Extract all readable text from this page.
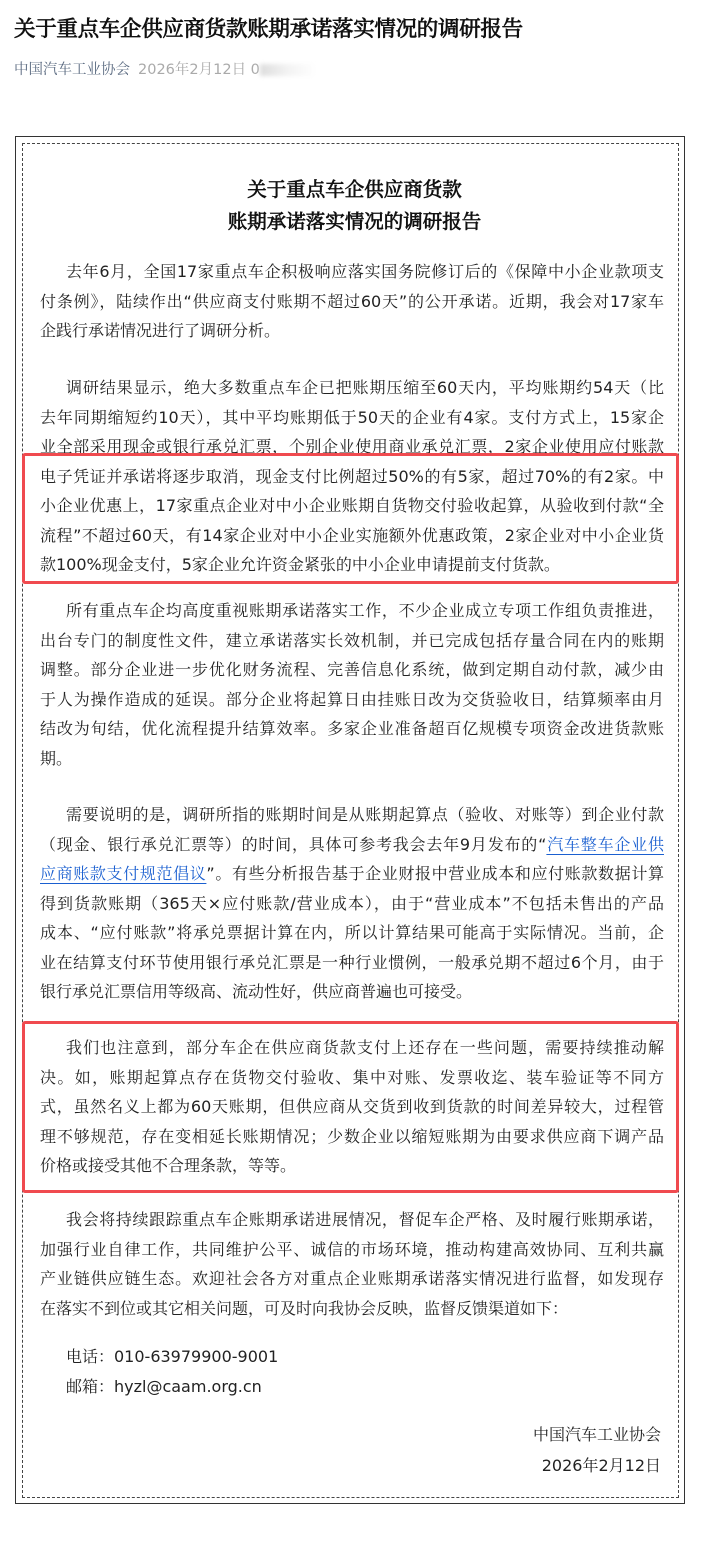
关于重点车企供应商货款账期承诺落实情况的调研报告
中国汽车工业协会 2026年2月12日 0
关于重点车企供应商货款
账期承诺落实情况的调研报告
去年6月，全国17家重点车企积极响应落实国务院修订后的《保障中小企业款项支
付条例》，陆续作出“供应商支付账期不超过60天”的公开承诺。近期，我会对17家车
企践行承诺情况进行了调研分析。
调研结果显示，绝大多数重点车企已把账期压缩至60天内，平均账期约54天（比
去年同期缩短约10天），其中平均账期低于50天的企业有4家。支付方式上，15家企
业全部采用现金或银行承兑汇票，个别企业使用商业承兑汇票，2家企业使用应付账款
电子凭证并承诺将逐步取消，现金支付比例超过50%的有5家，超过70%的有2家。中
小企业优惠上，17家重点企业对中小企业账期自货物交付验收起算，从验收到付款“全
流程”不超过60天，有14家企业对中小企业实施额外优惠政策，2家企业对中小企业货
款100%现金支付，5家企业允许资金紧张的中小企业申请提前支付货款。
所有重点车企均高度重视账期承诺落实工作，不少企业成立专项工作组负责推进，
出台专门的制度性文件，建立承诺落实长效机制，并已完成包括存量合同在内的账期
调整。部分企业进一步优化财务流程、完善信息化系统，做到定期自动付款，减少由
于人为操作造成的延误。部分企业将起算日由挂账日改为交货验收日，结算频率由月
结改为旬结，优化流程提升结算效率。多家企业准备超百亿规模专项资金改进货款账
期。
需要说明的是，调研所指的账期时间是从账期起算点（验收、对账等）到企业付款
（现金、银行承兑汇票等）的时间，具体可参考我会去年9月发布的“汽车整车企业供
应商账款支付规范倡议”。有些分析报告基于企业财报中营业成本和应付账款数据计算
得到货款账期（365天×应付账款/营业成本），由于“营业成本”不包括未售出的产品
成本、“应付账款”将承兑票据计算在内，所以计算结果可能高于实际情况。当前，企
业在结算支付环节使用银行承兑汇票是一种行业惯例，一般承兑期不超过6个月，由于
银行承兑汇票信用等级高、流动性好，供应商普遍也可接受。
我们也注意到，部分车企在供应商货款支付上还存在一些问题，需要持续推动解
决。如，账期起算点存在货物交付验收、集中对账、发票收迄、装车验证等不同方
式，虽然名义上都为60天账期，但供应商从交货到收到货款的时间差异较大，过程管
理不够规范，存在变相延长账期情况；少数企业以缩短账期为由要求供应商下调产品
价格或接受其他不合理条款，等等。
我会将持续跟踪重点车企账期承诺进展情况，督促车企严格、及时履行账期承诺，
加强行业自律工作，共同维护公平、诚信的市场环境，推动构建高效协同、互利共赢
产业链供应链生态。欢迎社会各方对重点企业账期承诺落实情况进行监督，如发现存
在落实不到位或其它相关问题，可及时向我协会反映，监督反馈渠道如下：
电话：010-63979900-9001
邮箱：hyzl@caam.org.cn
中国汽车工业协会
2026年2月12日
